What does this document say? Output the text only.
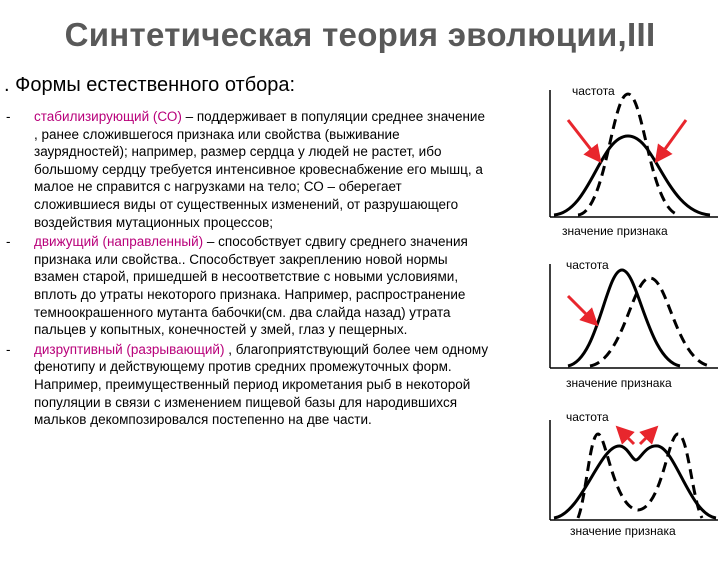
Синтетическая теория эволюции,III
. Формы естественного отбора:
- стабилизирующий (СО) – поддерживает в популяции среднее значение , ранее сложившегося признака или свойства (выживание заурядностей); например, размер сердца у людей не растет, ибо большому сердцу требуется интенсивное кровеснабжение его мышц, а малое не справится с нагрузками на тело; СО – оберегает сложившиеся виды от существенных изменений, от разрушающего воздействия мутационных процессов;
- движущий (направленный) – способствует сдвигу среднего значения признака или свойства.. Способствует закреплению новой нормы взамен старой, пришедшей в несоответствие с новыми условиями, вплоть до утраты некоторого признака. Например, распространение темноокрашенного мутанта бабочки(см. два слайда назад) утрата пальцев у копытных, конечностей у змей, глаз у пещерных.
- дизруптивный (разрывающий) , благоприятствующий более чем одному фенотипу и действующему против средних промежуточных форм. Например, преимущественный период икрометания рыб в некоторой популяции в связи с изменением пищевой базы для народившихся мальков декомпозировался постепенно на две части.
частота
значение признака
частота
значение признака
частота
значение признака
